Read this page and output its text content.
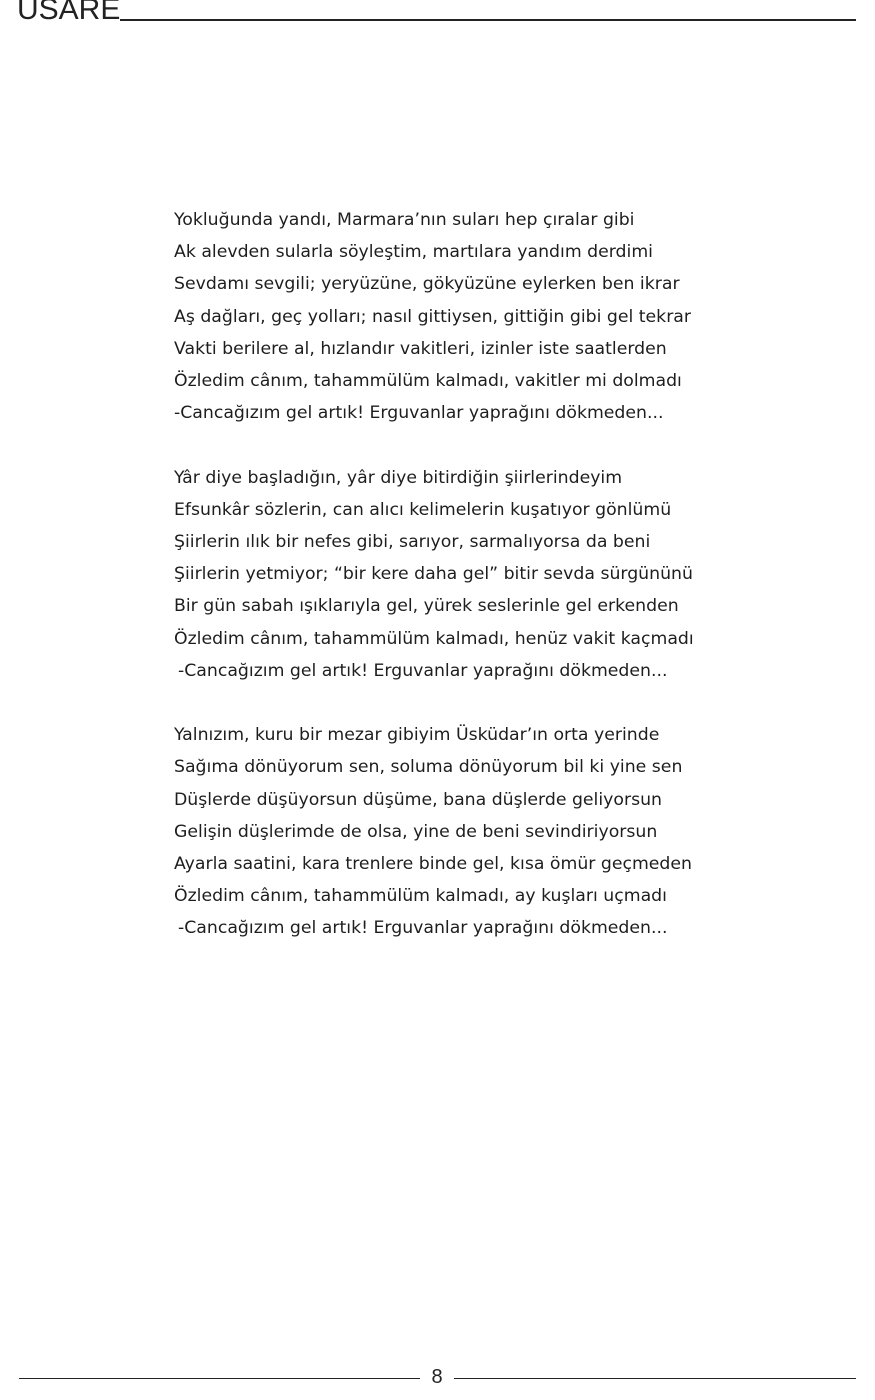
USARE
Yokluğunda yandı, Marmara’nın suları hep çıralar gibi
Ak alevden sularla söyleştim, martılara yandım derdimi
Sevdamı sevgili; yeryüzüne, gökyüzüne eylerken ben ikrar
Aş dağları, geç yolları; nasıl gittiysen, gittiğin gibi gel tekrar
Vakti berilere al, hızlandır vakitleri, izinler iste saatlerden
Özledim cânım, tahammülüm kalmadı, vakitler mi dolmadı
-Cancağızım gel artık! Erguvanlar yaprağını dökmeden...
Yâr diye başladığın, yâr diye bitirdiğin şiirlerindeyim
Efsunkâr sözlerin, can alıcı kelimelerin kuşatıyor gönlümü
Şiirlerin ılık bir nefes gibi, sarıyor, sarmalıyorsa da beni
Şiirlerin yetmiyor; “bir kere daha gel” bitir sevda sürgününü
Bir gün sabah ışıklarıyla gel, yürek seslerinle gel erkenden
Özledim cânım, tahammülüm kalmadı, henüz vakit kaçmadı
-Cancağızım gel artık! Erguvanlar yaprağını dökmeden...
Yalnızım, kuru bir mezar gibiyim Üsküdar’ın orta yerinde
Sağıma dönüyorum sen, soluma dönüyorum bil ki yine sen
Düşlerde düşüyorsun düşüme, bana düşlerde geliyorsun
Gelişin düşlerimde de olsa, yine de beni sevindiriyorsun
Ayarla saatini, kara trenlere binde gel, kısa ömür geçmeden
Özledim cânım, tahammülüm kalmadı, ay kuşları uçmadı
-Cancağızım gel artık! Erguvanlar yaprağını dökmeden...
8
